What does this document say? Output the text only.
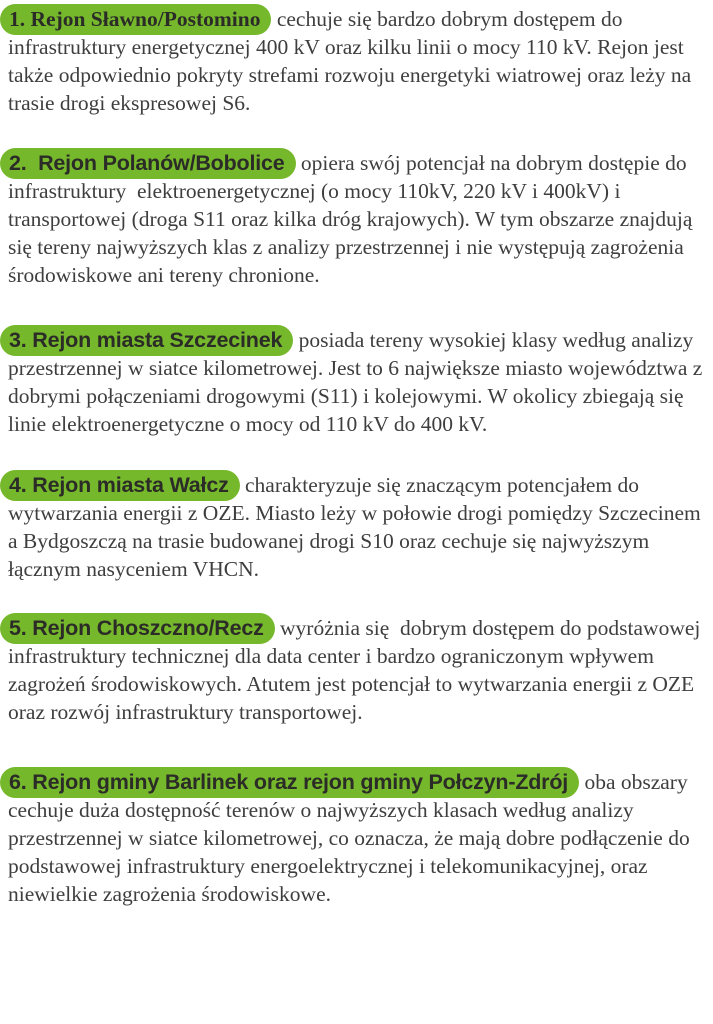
1. Rejon Sławno/Postomino cechuje się bardzo dobrym dostępem do infrastruktury energetycznej 400 kV oraz kilku linii o mocy 110 kV. Rejon jest także odpowiednio pokryty strefami rozwoju energetyki wiatrowej oraz leży na trasie drogi ekspresowej S6.

2.  Rejon Polanów/Bobolice opiera swój potencjał na dobrym dostępie do infrastruktury  elektroenergetycznej (o mocy 110kV, 220 kV i 400kV) i transportowej (droga S11 oraz kilka dróg krajowych). W tym obszarze znajdują się tereny najwyższych klas z analizy przestrzennej i nie występują zagrożenia środowiskowe ani tereny chronione.

3. Rejon miasta Szczecinek posiada tereny wysokiej klasy według analizy przestrzennej w siatce kilometrowej. Jest to 6 największe miasto województwa z dobrymi połączeniami drogowymi (S11) i kolejowymi. W okolicy zbiegają się linie elektroenergetyczne o mocy od 110 kV do 400 kV.

4. Rejon miasta Wałcz charakteryzuje się znaczącym potencjałem do wytwarzania energii z OZE. Miasto leży w połowie drogi pomiędzy Szczecinem a Bydgoszczą na trasie budowanej drogi S10 oraz cechuje się najwyższym łącznym nasyceniem VHCN.

5. Rejon Choszczno/Recz wyróżnia się  dobrym dostępem do podstawowej infrastruktury technicznej dla data center i bardzo ograniczonym wpływem zagrożeń środowiskowych. Atutem jest potencjał to wytwarzania energii z OZE oraz rozwój infrastruktury transportowej.

6. Rejon gminy Barlinek oraz rejon gminy Połczyn-Zdrój oba obszary cechuje duża dostępność terenów o najwyższych klasach według analizy przestrzennej w siatce kilometrowej, co oznacza, że mają dobre podłączenie do podstawowej infrastruktury energoelektrycznej i telekomunikacyjnej, oraz niewielkie zagrożenia środowiskowe.
